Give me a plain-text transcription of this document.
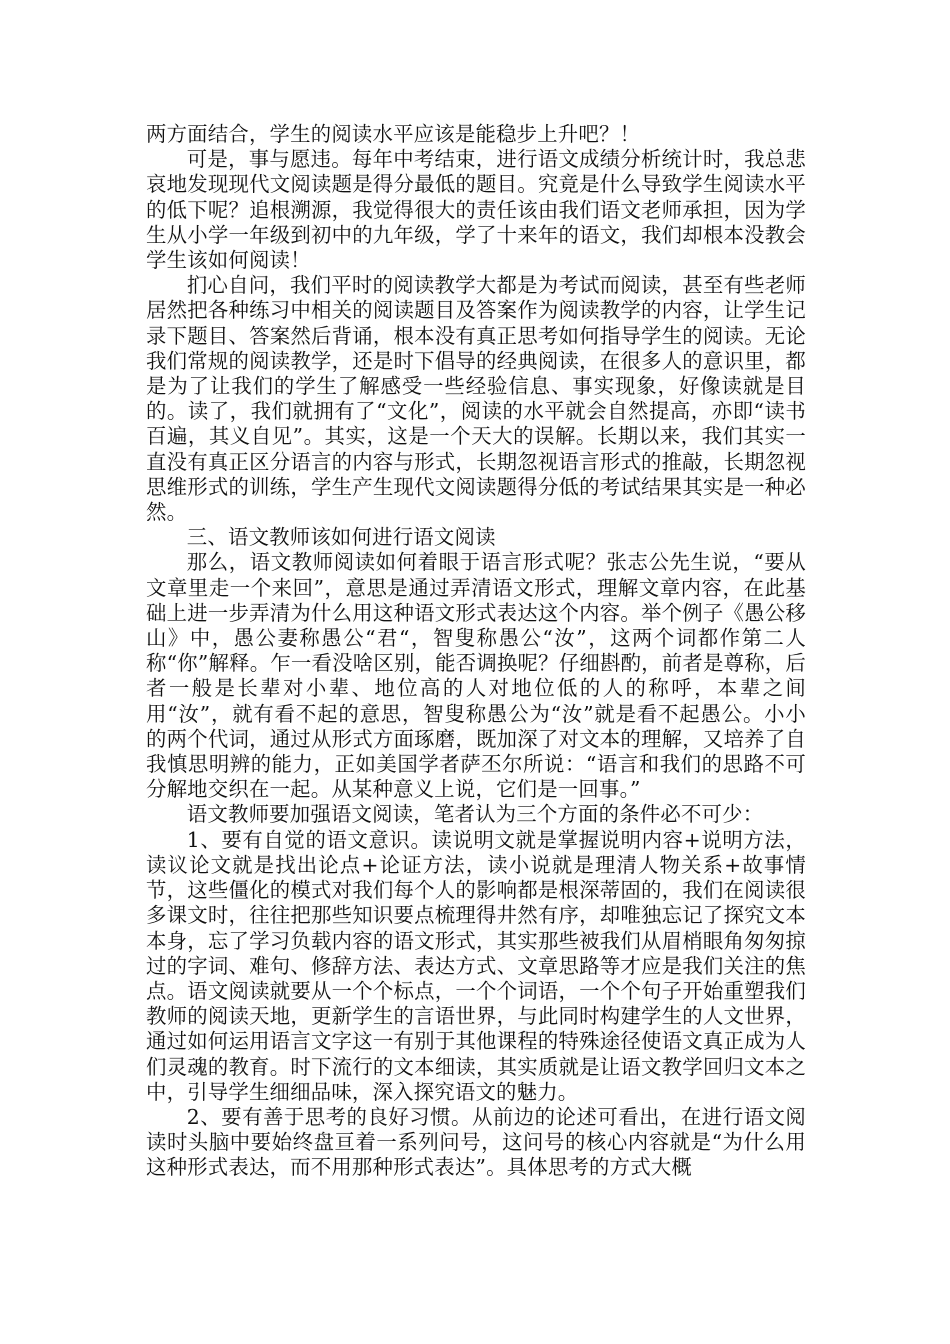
两方面结合，学生的阅读水平应该是能稳步上升吧？！

可是，事与愿违。每年中考结束，进行语文成绩分析统计时，我总悲哀地发现现代文阅读题是得分最低的题目。究竟是什么导致学生阅读水平的低下呢？追根溯源，我觉得很大的责任该由我们语文老师承担，因为学生从小学一年级到初中的九年级，学了十来年的语文，我们却根本没教会学生该如何阅读！

扪心自问，我们平时的阅读教学大都是为考试而阅读，甚至有些老师居然把各种练习中相关的阅读题目及答案作为阅读教学的内容，让学生记录下题目、答案然后背诵，根本没有真正思考如何指导学生的阅读。无论我们常规的阅读教学，还是时下倡导的经典阅读，在很多人的意识里，都是为了让我们的学生了解感受一些经验信息、事实现象，好像读就是目的。读了，我们就拥有了“文化”，阅读的水平就会自然提高，亦即“读书百遍，其义自见”。其实，这是一个天大的误解。长期以来，我们其实一直没有真正区分语言的内容与形式，长期忽视语言形式的推敲，长期忽视思维形式的训练，学生产生现代文阅读题得分低的考试结果其实是一种必然。

三、语文教师该如何进行语文阅读

那么，语文教师阅读如何着眼于语言形式呢？张志公先生说，“要从文章里走一个来回”，意思是通过弄清语文形式，理解文章内容，在此基础上进一步弄清为什么用这种语文形式表达这个内容。举个例子《愚公移山》中，愚公妻称愚公“君“，智叟称愚公“汝”，这两个词都作第二人称“你”解释。乍一看没啥区别，能否调换呢？仔细斟酌，前者是尊称，后者一般是长辈对小辈、地位高的人对地位低的人的称呼，本辈之间用“汝”，就有看不起的意思，智叟称愚公为“汝”就是看不起愚公。小小的两个代词，通过从形式方面琢磨，既加深了对文本的理解，又培养了自我慎思明辨的能力，正如美国学者萨丕尔所说：“语言和我们的思路不可分解地交织在一起。从某种意义上说，它们是一回事。”

语文教师要加强语文阅读，笔者认为三个方面的条件必不可少：

1、要有自觉的语文意识。读说明文就是掌握说明内容+说明方法，读议论文就是找出论点+论证方法，读小说就是理清人物关系+故事情节，这些僵化的模式对我们每个人的影响都是根深蒂固的，我们在阅读很多课文时，往往把那些知识要点梳理得井然有序，却唯独忘记了探究文本本身，忘了学习负载内容的语文形式，其实那些被我们从眉梢眼角匆匆掠过的字词、难句、修辞方法、表达方式、文章思路等才应是我们关注的焦点。语文阅读就要从一个个标点，一个个词语，一个个句子开始重塑我们教师的阅读天地，更新学生的言语世界，与此同时构建学生的人文世界，通过如何运用语言文字这一有别于其他课程的特殊途径使语文真正成为人们灵魂的教育。时下流行的文本细读，其实质就是让语文教学回归文本之中，引导学生细细品味，深入探究语文的魅力。

2、要有善于思考的良好习惯。从前边的论述可看出，在进行语文阅读时头脑中要始终盘亘着一系列问号，这问号的核心内容就是“为什么用这种形式表达，而不用那种形式表达”。具体思考的方式大概
